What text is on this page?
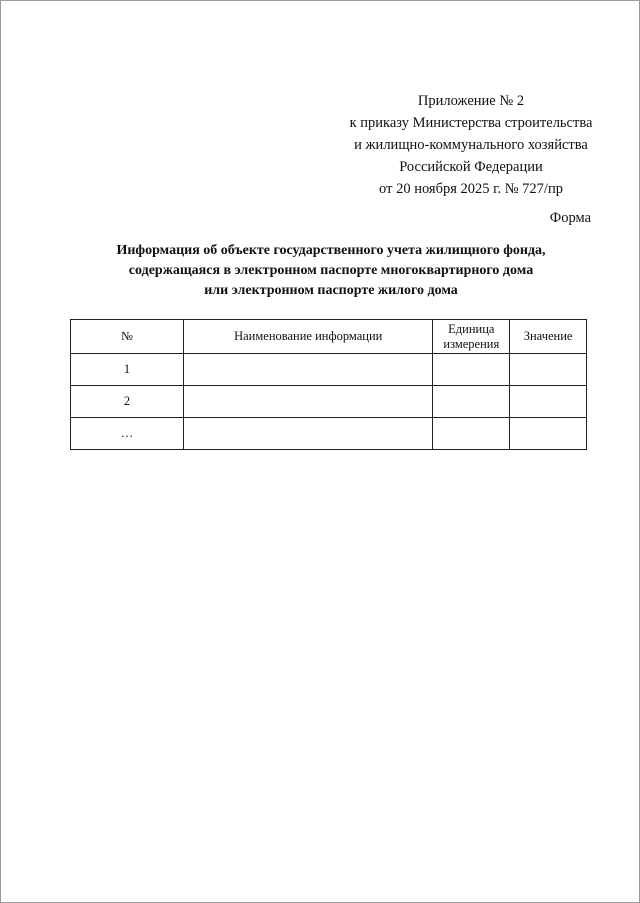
Приложение № 2
к приказу Министерства строительства
и жилищно-коммунального хозяйства
Российской Федерации
от 20 ноября 2025 г. № 727/пр
Форма
Информация об объекте государственного учета жилищного фонда,
содержащаяся в электронном паспорте многоквартирного дома
или электронном паспорте жилого дома
№	Наименование информации	Единица измерения	Значение
1			
2			
…			
